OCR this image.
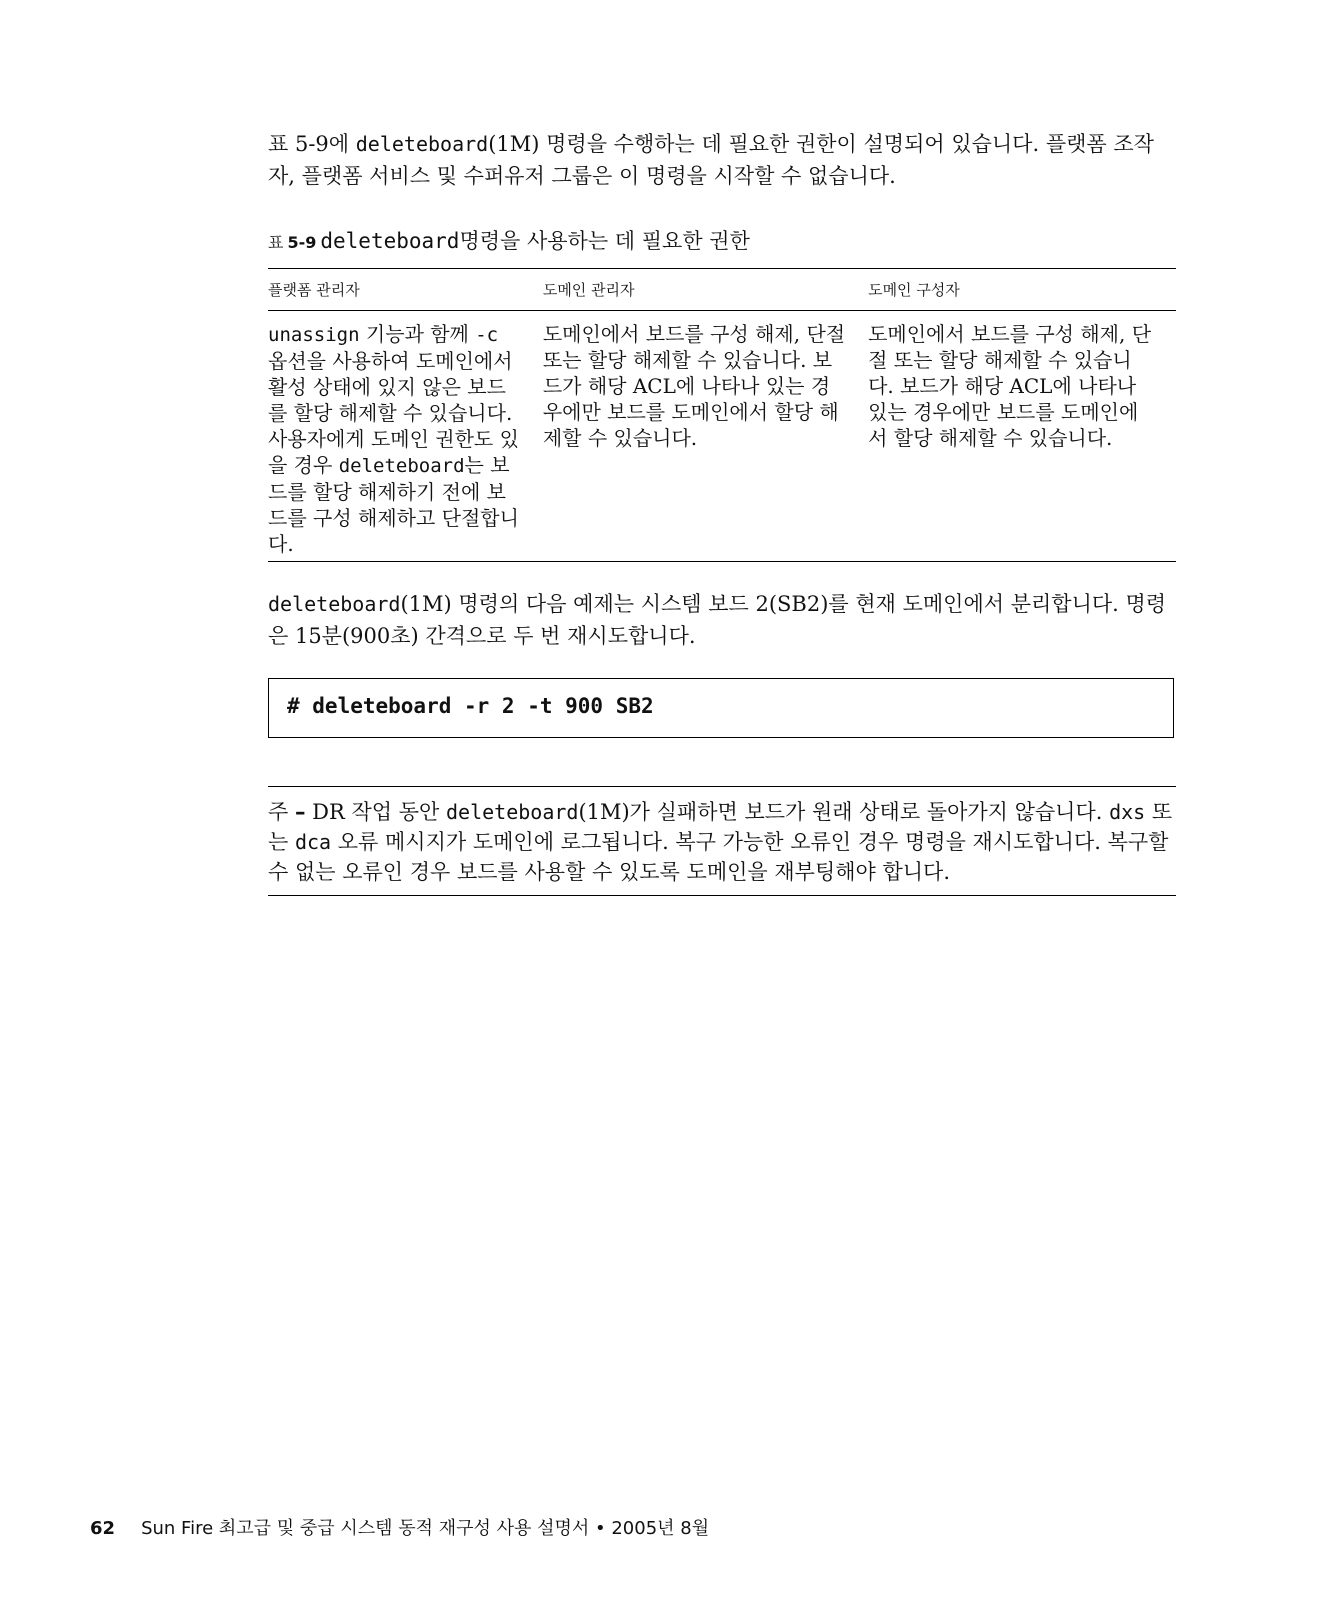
표 5-9에 deleteboard(1M) 명령을 수행하는 데 필요한 권한이 설명되어 있습니다. 플랫폼 조작자, 플랫폼 서비스 및 수퍼유저 그룹은 이 명령을 시작할 수 없습니다.

표 5-9 deleteboard 명령을 사용하는 데 필요한 권한
플랫폼 관리자	도메인 관리자	도메인 구성자
unassign 기능과 함께 -c 옵션을 사용하여 도메인에서 활성 상태에 있지 않은 보드를 할당 해제할 수 있습니다. 사용자에게 도메인 권한도 있을 경우 deleteboard는 보드를 할당 해제하기 전에 보드를 구성 해제하고 단절합니다.	도메인에서 보드를 구성 해제, 단절 또는 할당 해제할 수 있습니다. 보드가 해당 ACL에 나타나 있는 경우에만 보드를 도메인에서 할당 해제할 수 있습니다.	도메인에서 보드를 구성 해제, 단절 또는 할당 해제할 수 있습니다. 보드가 해당 ACL에 나타나 있는 경우에만 보드를 도메인에서 할당 해제할 수 있습니다.

deleteboard(1M) 명령의 다음 예제는 시스템 보드 2(SB2)를 현재 도메인에서 분리합니다. 명령은 15분(900초) 간격으로 두 번 재시도합니다.

# deleteboard -r 2 -t 900 SB2
주 – DR 작업 동안 deleteboard(1M)가 실패하면 보드가 원래 상태로 돌아가지 않습니다. dxs 또는 dca 오류 메시지가 도메인에 로그됩니다. 복구 가능한 오류인 경우 명령을 재시도합니다. 복구할 수 없는 오류인 경우 보드를 사용할 수 있도록 도메인을 재부팅해야 합니다.
62 Sun Fire 최고급 및 중급 시스템 동적 재구성 사용 설명서 • 2005년 8월
